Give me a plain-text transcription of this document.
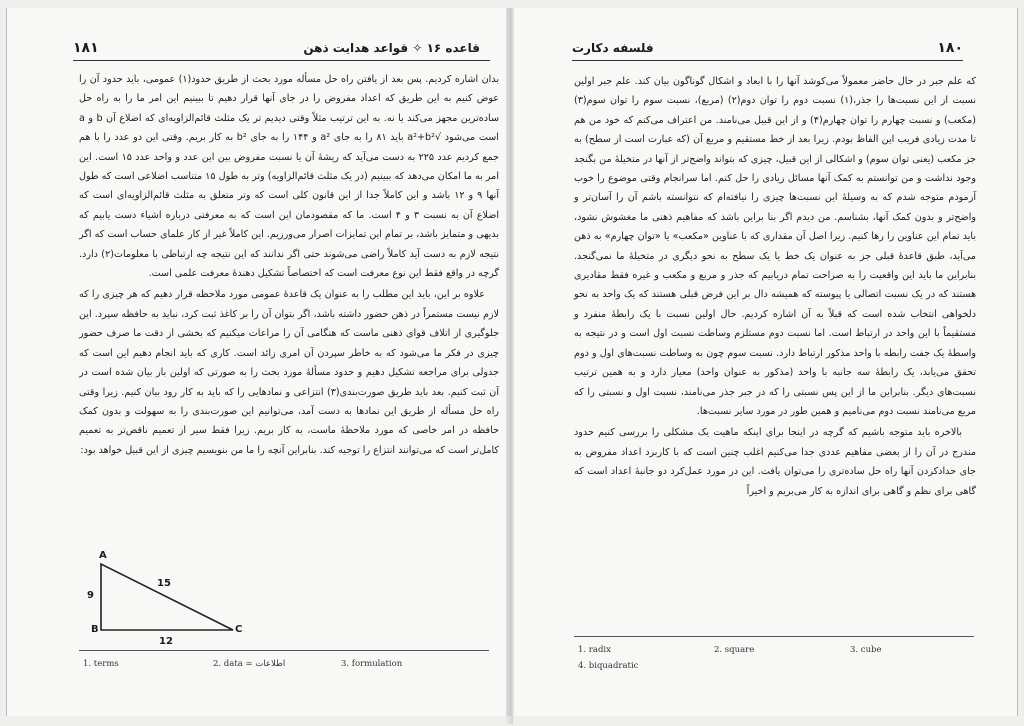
۱۸۱	قاعده ۱۶ ✧ قواعد هدایت ذهن

بدان اشاره کردیم. پس بعد از یافتن راه حل مسأله مورد بحث از طریق حدود(۱) عمومی، باید حدود آن را عوض کنیم به این طریق که اعداد مفروض را در جای آنها قرار دهیم تا ببینیم این امر ما را به راه حل ساده‌ترین مجهز می‌کند یا نه. به این ترتیب مثلاً وقتی دیدیم تر یک مثلث قائم‌الزاویه‌ای که اضلاع آن b و a است می‌شود √a²+b² باید ۸۱ را به جای a² و ۱۴۴ را به جای b² به کار بریم. وقتی این دو عدد را با هم جمع کردیم عدد ۲۲۵ به دست می‌آید که ریشهٔ آن یا نسبت مفروض بین این عدد و واحد عدد ۱۵ است. این امر به ما امکان می‌دهد که ببینیم (در یک مثلث قائم‌الزاویه) وتر به طول ۱۵ متناسب اضلاعی است که طول آنها ۹ و ۱۲ باشد و این کاملاً جدا از این قانون کلی است که وتر متعلق به مثلث قائم‌الزاویه‌ای است که اضلاع آن به نسبت ۳ و ۴ است. ما که مقصودمان این است که به معرفتی درباره اشیاء دست یابیم که بدیهی و متمایز باشد، بر تمام این تمایزات اصرار می‌ورزیم. این کاملاً غیر از کار علمای حساب است که اگر نتیجه لازم به دست آید کاملاً راضی می‌شوند حتی اگر ندانند که این نتیجه چه ارتباطی با معلومات(۲) دارد. گرچه در واقع فقط این نوع معرفت است که اختصاصاً تشکیل دهندهٔ معرفت علمی است.

علاوه بر این، باید این مطلب را به عنوان یک قاعدهٔ عمومی مورد ملاحظه قرار دهیم که هر چیزی را که لازم نیست مستمراً در ذهن حضور داشته باشد، اگر بتوان آن را بر کاغذ ثبت کرد، نباید به حافظه سپرد. این جلوگیری از اتلاف قوای ذهنی ماست که هنگامی آن را مراعات میکنیم که بخشی از دقت ما صرف حضور چیزی در فکر ما می‌شود که به خاطر سپردن آن امری زائد است. کاری که باید انجام دهیم این است که جدولی برای مراجعه تشکیل دهیم و حدود مسألهٔ مورد بحث را به صورتی که اولین بار بیان شده است در آن ثبت کنیم. بعد باید طریق صورت‌بندی(۳) انتزاعی و نمادهایی را که باید به کار رود بیان کنیم. زیرا وقتی راه حل مسأله از طریق این نمادها به دست آمد، می‌توانیم این صورت‌بندی را به سهولت و بدون کمک حافظه در امر خاصی که مورد ملاحظهٔ ماست، به کار بریم. زیرا فقط سیر از تعمیم ناقص‌تر به تعمیم کامل‌تر است که می‌توانند انتزاع را توجیه کند. بنابراین آنچه را ما من بنویسیم چیزی از این قبیل خواهد بود:

A
B	C
15
9
12
1. terms	2. data = اطلاعات	3. formulation
فلسفه دکارت	۱۸۰

که علم جبر در حال حاضر معمولاً می‌کوشد آنها را با ابعاد و اشکال گوناگون بیان کند. علم جبر اولین نسبت از این نسبت‌ها را جذر،(۱) نسبت دوم را توان دوم(۲) (مربع)، نسبت سوم را توان سوم(۳) (مکعب) و نسبت چهارم را توان چهارم(۴) و از این قبیل می‌نامند. من اعتراف می‌کنم که خود من هم تا مدت زیادی فریب این الفاظ بودم. زیرا بعد از خط مستقیم و مربع آن (که عبارت است از سطح) به جز مکعب (یعنی توان سوم) و اشکالی از این قبیل، چیزی که بتواند واضح‌تر از آنها در متخیلهٔ من بگنجد وجود نداشت و من توانستم به کمک آنها مسائل زیادی را حل کنم. اما سرانجام وقتی موضوع را خوب آزمودم متوجه شدم که به وسیلهٔ این نسبت‌ها چیزی را نیافته‌ام که نتوانسته باشم آن را آسان‌تر و واضح‌تر و بدون کمک آنها، بشناسم. من دیدم اگر بنا براین باشد که مفاهیم ذهنی ما مغشوش نشود، باید تمام این عناوین را رها کنیم. زیرا اصل آن مقداری که با عناوین «مکعب» یا «توان چهارم» به ذهن می‌آید، طبق قاعدهٔ قبلی جز به عنوان یک خط یا یک سطح به نحو دیگری در متخیلهٔ ما نمی‌گنجد. بنابراین ما باید این واقعیت را به صراحت تمام دریابیم که جذر و مربع و مکعب و غیره فقط مقادیری هستند که در یک نسبت اتصالی یا پیوسته که همیشه دال بر این فرض قبلی هستند که یک واحد به نحو دلخواهی انتخاب شده است که قبلاً به آن اشاره کردیم. حال اولین نسبت با یک رابطهٔ منفرد و مستقیماً با این واحد در ارتباط است. اما نسبت دوم مستلزم وساطت نسبت اول است و در نتیجه به واسطهٔ یک جفت رابطه با واحد مذکور ارتباط دارد. نسبت سوم چون به وساطت نسبت‌های اول و دوم تحقق می‌یابد، یک رابطهٔ سه جانبه با واحد (مذکور به عنوان واحد) معیار دارد و به همین ترتیب نسبت‌های دیگر. بنابراین ما از این پس نسبتی را که در جبر جذر می‌نامند، نسبت اول و نسبتی را که مربع می‌نامند نسبت دوم می‌نامیم و همین طور در مورد سایر نسبت‌ها.

بالاخره باید متوجه باشیم که گرچه در اینجا برای اینکه ماهیت یک مشکلی را بررسی کنیم حدود مندرج در آن را از بعضی مفاهیم عددی جدا می‌کنیم اغلب چنین است که با کاربرد اعداد مفروض به جای حدادکردن آنها راه حل ساده‌تری را می‌توان یافت. این در مورد عمل‌کرد دو جانبهٔ اعداد است که گاهی برای نظم و گاهی برای اندازه به کار می‌بریم و اخیراً

1. radix	2. square	3. cube
4. biquadratic
